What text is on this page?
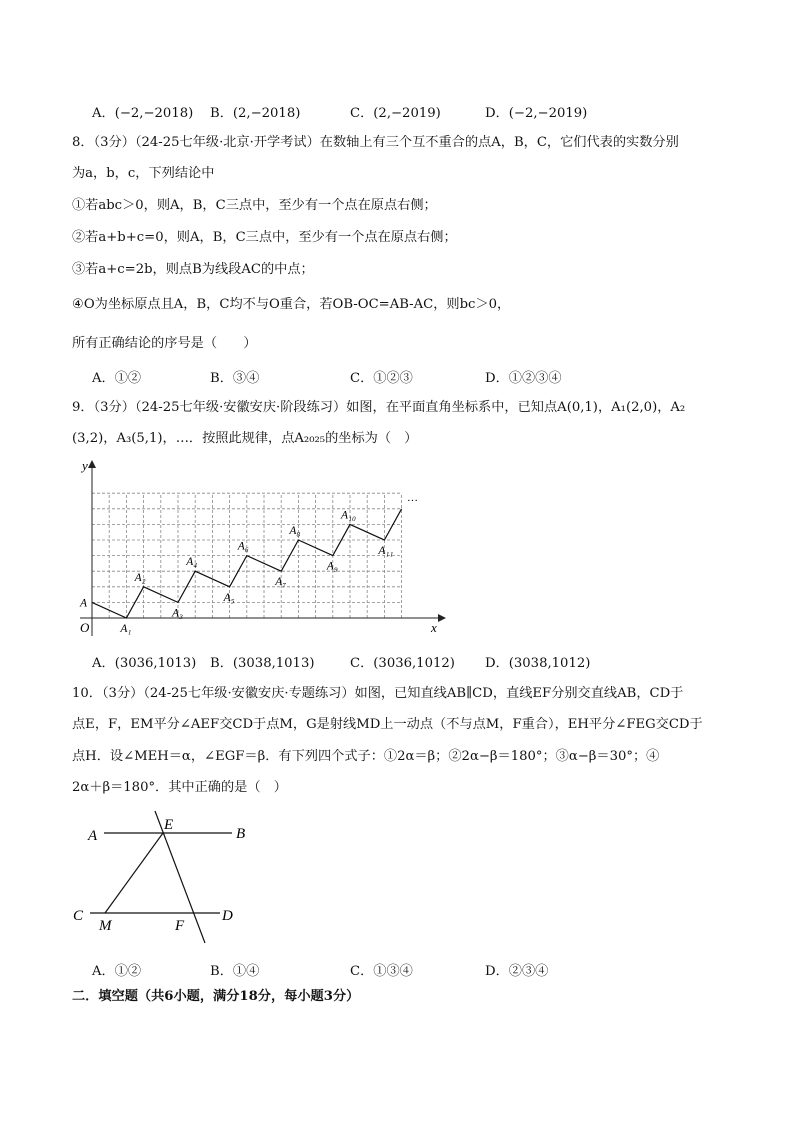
A．(−2,−2018) B．(2,−2018)	C．(2,−2019)	D．(−2,−2019)
8．（3分）（24-25七年级·北京·开学考试）在数轴上有三个互不重合的点A，B，C，它们代表的实数分别
为a，b，c，下列结论中
①若abc＞0，则A，B，C三点中，至少有一个点在原点右侧；
②若a+b+c=0，则A，B，C三点中，至少有一个点在原点右侧；
③若a+c=2b，则点B为线段AC的中点；
④O为坐标原点且A，B，C均不与O重合，若OB-OC=AB-AC，则bc＞0，
所有正确结论的序号是（　　）
A．①②	B．③④	C．①②③	D．①②③④
9．（3分）（24-25七年级·安徽安庆·阶段练习）如图，在平面直角坐标系中，已知点A(0,1)，A₁(2,0)，A₂
(3,2)，A₃(5,1)，…．按照此规律，点A₂₀₂₅的坐标为（　）
y
x
O
A
A₁
A₂
A₃
A₄
A₅
A₆
A₇
A₈
A₉
A₁₀
A₁₁
…
A．(3036,1013) B．(3038,1013)	C．(3036,1012) D．(3038,1012)
10．（3分）（24-25七年级·安徽安庆·专题练习）如图，已知直线AB∥CD，直线EF分别交直线AB，CD于
点E，F，EM平分∠AEF交CD于点M，G是射线MD上一动点（不与点M，F重合），EH平分∠FEG交CD于
点H．设∠MEH＝α，∠EGF＝β．有下列四个式子：①2α＝β；②2α−β＝180°；③α−β＝30°；④
2α＋β＝180°．其中正确的是（　）
A
E
B
C
M	F
D
A．①②	B．①④	C．①③④	D．②③④
二．填空题（共6小题，满分18分，每小题3分）
